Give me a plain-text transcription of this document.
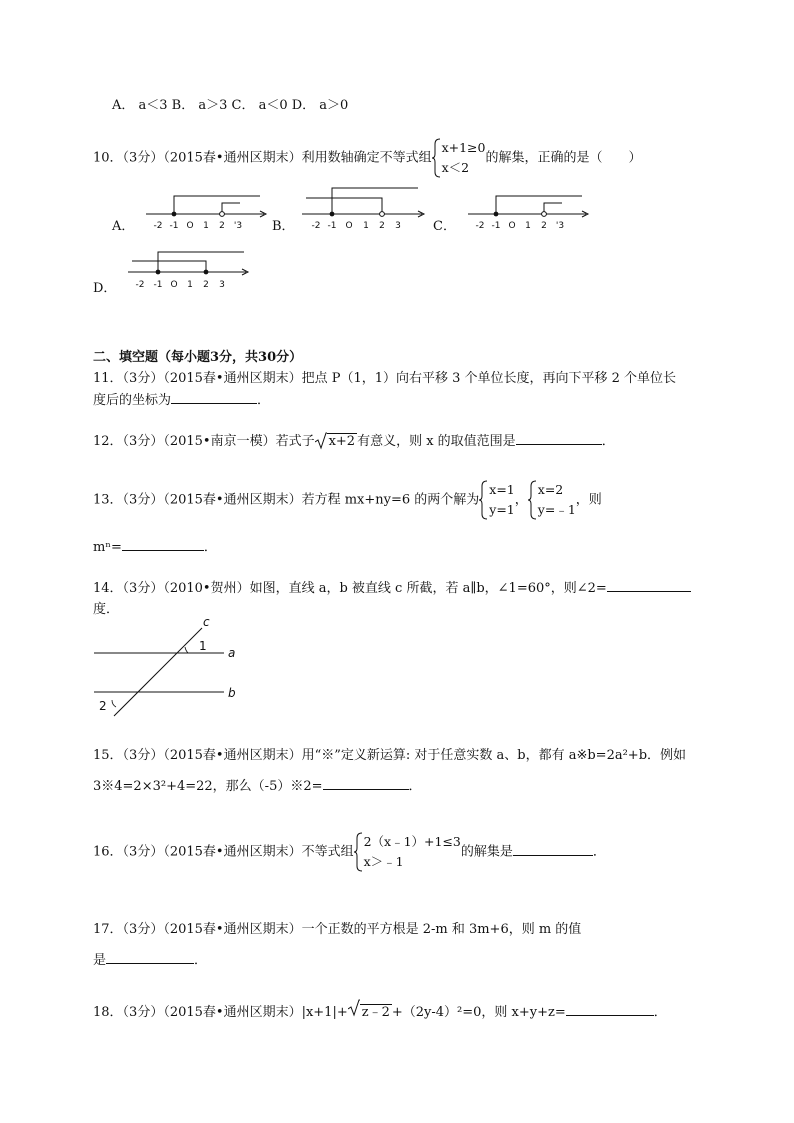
A． a＜3 B． a＞3 C． a＜0 D． a＞0
10．（3分）（2015春•通州区期末）利用数轴确定不等式组
x+1≥0
x＜2
的解集，正确的是（　　）
A．	B．	C．
D．
-2 -1 O 1 2 '3	-2 -1 O 1 2 3	-2 -1 O 1 2 '3
-2 -1 O 1 2 3
二、填空题（每小题3分，共30分）
11．（3分）（2015春•通州区期末）把点 P（1，1）向右平移 3 个单位长度，再向下平移 2 个单位长
度后的坐标为	．
12．（3分）（2015•南京一模）若式子 x+2 有意义，则 x 的取值范围是	．
13．（3分）（2015春•通州区期末）若方程 mx+ny=6 的两个解为
x=1
y=1
，
x=2
y=﹣1
，则
mⁿ=	．
14．（3分）（2010•贺州）如图，直线 a，b 被直线 c 所截，若 a∥b，∠1=60°，则∠2=
度．
c
a
b
1
2
15．（3分）（2015春•通州区期末）用“※”定义新运算: 对于任意实数 a、b，都有 a※b=2a²+b．例如
3※4=2×3²+4=22，那么（-5）※2=	．
16．（3分）（2015春•通州区期末）不等式组
2（x﹣1）+1≤3
x＞﹣1
的解集是	．
17．（3分）（2015春•通州区期末）一个正数的平方根是 2-m 和 3m+6，则 m 的值
是	．
18．（3分）（2015春•通州区期末）|x+1|+ z﹣2 +（2y-4）²=0，则 x+y+z=	．
